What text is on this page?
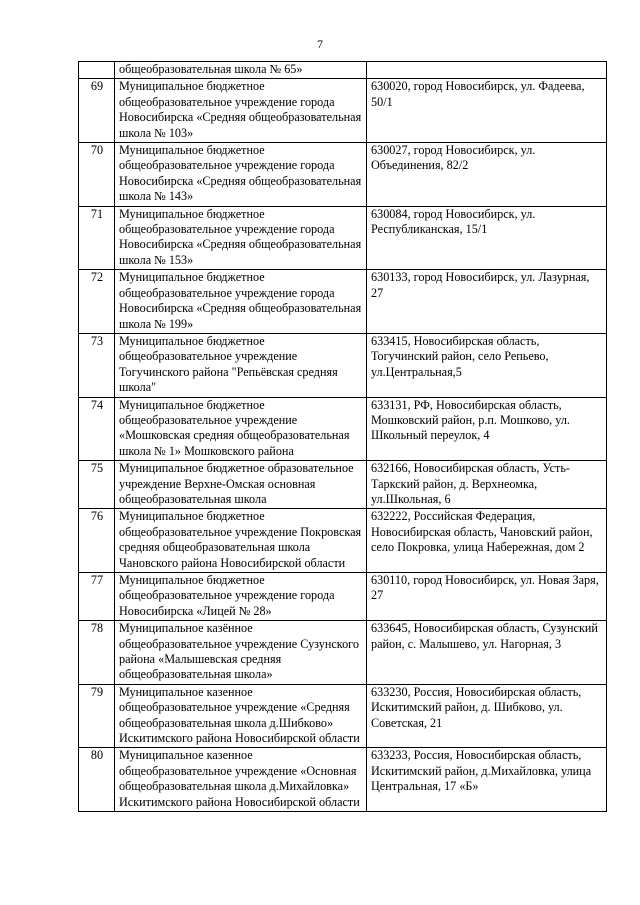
7
	общеобразовательная школа № 65»	
69	Муниципальное бюджетное общеобразовательное учреждение города Новосибирска «Средняя общеобразовательная школа № 103»	630020, город Новосибирск, ул. Фадеева, 50/1
70	Муниципальное бюджетное общеобразовательное учреждение города Новосибирска «Средняя общеобразовательная школа № 143»	630027, город Новосибирск, ул. Объединения, 82/2
71	Муниципальное бюджетное общеобразовательное учреждение города Новосибирска «Средняя общеобразовательная школа № 153»	630084, город Новосибирск, ул. Республиканская, 15/1
72	Муниципальное бюджетное общеобразовательное учреждение города Новосибирска «Средняя общеобразовательная школа № 199»	630133, город Новосибирск, ул. Лазурная, 27
73	Муниципальное бюджетное общеобразовательное учреждение Тогучинского района "Репьёвская средняя школа"	633415, Новосибирская область, Тогучинский район, село Репьево, ул.Центральная,5
74	Муниципальное бюджетное общеобразовательное учреждение «Мошковская средняя общеобразовательная школа № 1» Мошковского района	633131, РФ, Новосибирская область, Мошковский район, р.п. Мошково, ул. Школьный переулок, 4
75	Муниципальное бюджетное образовательное учреждение Верхне-Омская основная общеобразовательная школа	632166, Новосибирская область, Усть-Таркский район, д. Верхнеомка, ул.Школьная, 6
76	Муниципальное бюджетное общеобразовательное учреждение Покровская средняя общеобразовательная школа Чановского района Новосибирской области	632222, Российская Федерация, Новосибирская область, Чановский район, село Покровка, улица Набережная, дом 2
77	Муниципальное бюджетное общеобразовательное учреждение города Новосибирска «Лицей № 28»	630110, город Новосибирск, ул. Новая Заря, 27
78	Муниципальное казённое общеобразовательное учреждение Сузунского района «Малышевская средняя общеобразовательная школа»	633645, Новосибирская область, Сузунский район, с. Малышево, ул. Нагорная, 3
79	Муниципальное казенное общеобразовательное учреждение «Средняя общеобразовательная школа д.Шибково» Искитимского района Новосибирской области	633230, Россия, Новосибирская область, Искитимский район, д. Шибково, ул. Советская, 21
80	Муниципальное казенное общеобразовательное учреждение «Основная общеобразовательная школа д.Михайловка» Искитимского района Новосибирской области	633233, Россия, Новосибирская область, Искитимский район, д.Михайловка, улица Центральная, 17 «Б»
